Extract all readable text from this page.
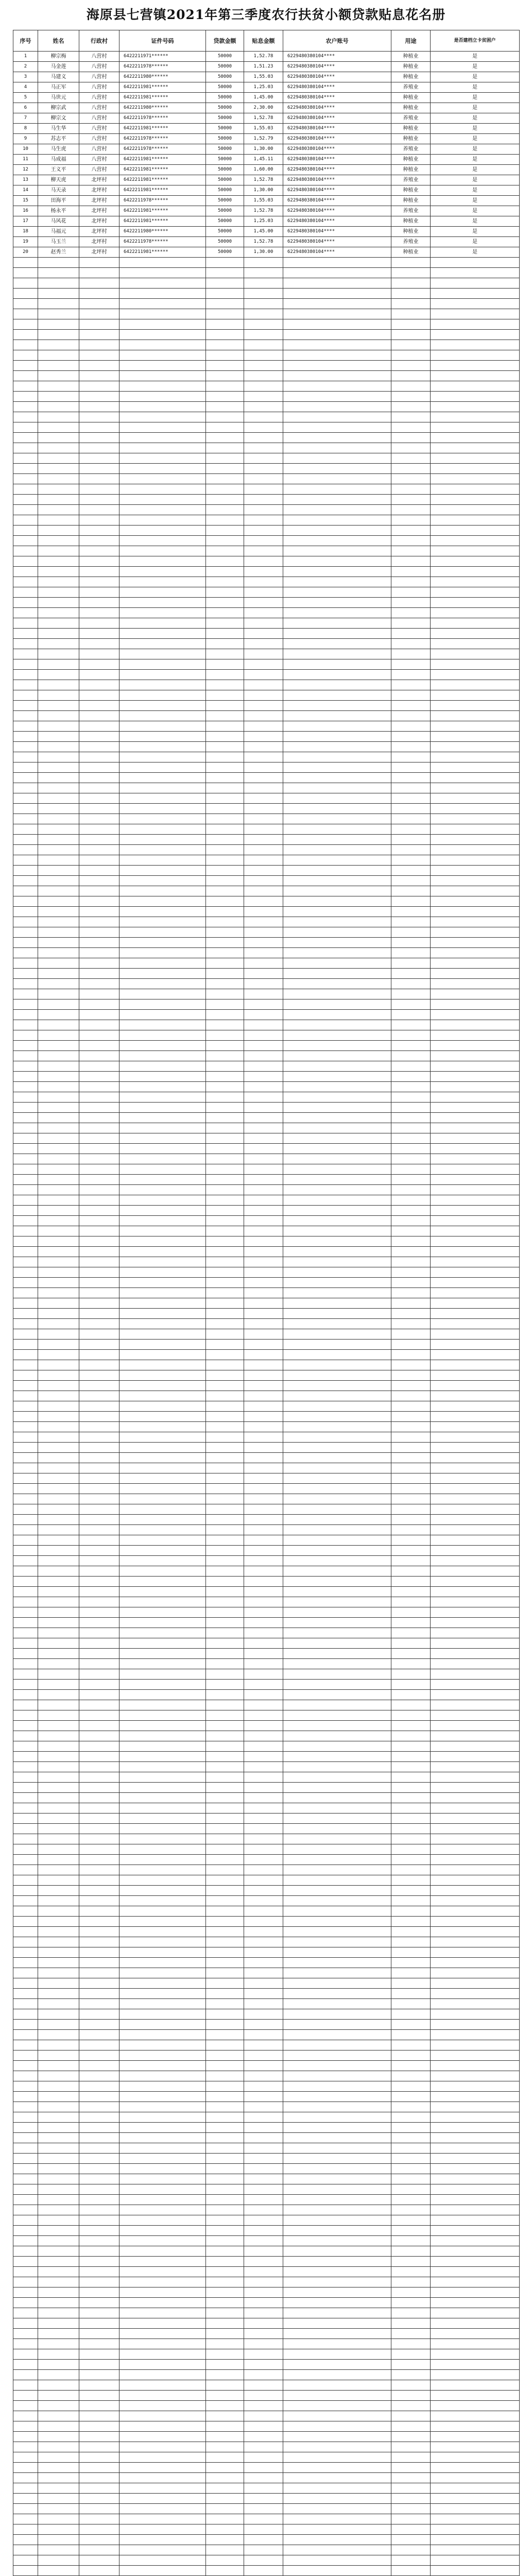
海原县七营镇2021年第三季度农行扶贫小额贷款贴息花名册
序号	姓名	行政村	证件号码	贷款金额	贴息金额	农户账号	用途	是否建档立卡贫困户

1	柳宗梅	八营村	6422211971******	50000	1,52.78	6229480380104****	种植业	是
2	马金莲	八营村	6422211978******	50000	1,51.23	6229480380104****	种植业	是
3	马建义	八营村	6422211980******	50000	1,55.03	6229480380104****	种植业	是
4	马正军	八营村	6422211981******	50000	1,25.03	6229480380104****	养殖业	是
5	马世元	八营村	6422211981******	50000	1,45.00	6229480380104****	种植业	是
6	柳宗武	八营村	6422211980******	50000	2,30.00	6229480380104****	种植业	是
7	柳宗文	八营村	6422211978******	50000	1,52.78	6229480380104****	养殖业	是
8	马生华	八营村	6422211981******	50000	1,55.03	6229480380104****	种植业	是
9	苏志平	八营村	6422211978******	50000	1,52.79	6229480380104****	种植业	是
10	马生虎	八营村	6422211978******	50000	1,30.00	6229480380104****	养殖业	是
11	马成福	八营村	6422211981******	50000	1,45.11	6229480380104****	种植业	是
12	王义平	八营村	6422211981******	50000	1,60.00	6229480380104****	种植业	是
13	柳天虎	北坪村	6422211981******	50000	1,52.78	6229480380104****	养殖业	是
14	马天录	北坪村	6422211981******	50000	1,30.00	6229480380104****	种植业	是
15	田海平	北坪村	6422211978******	50000	1,55.03	6229480380104****	种植业	是
16	杨永平	北坪村	6422211981******	50000	1,52.78	6229480380104****	养殖业	是
17	马风花	北坪村	6422211981******	50000	1,25.03	6229480380104****	种植业	是
18	马福元	北坪村	6422211980******	50000	1,45.00	6229480380104****	种植业	是
19	马玉兰	北坪村	6422211978******	50000	1,52.78	6229480380104****	养殖业	是
20	赵秀兰	北坪村	6422211981******	50000	1,30.00	6229480380104****	种植业	是
